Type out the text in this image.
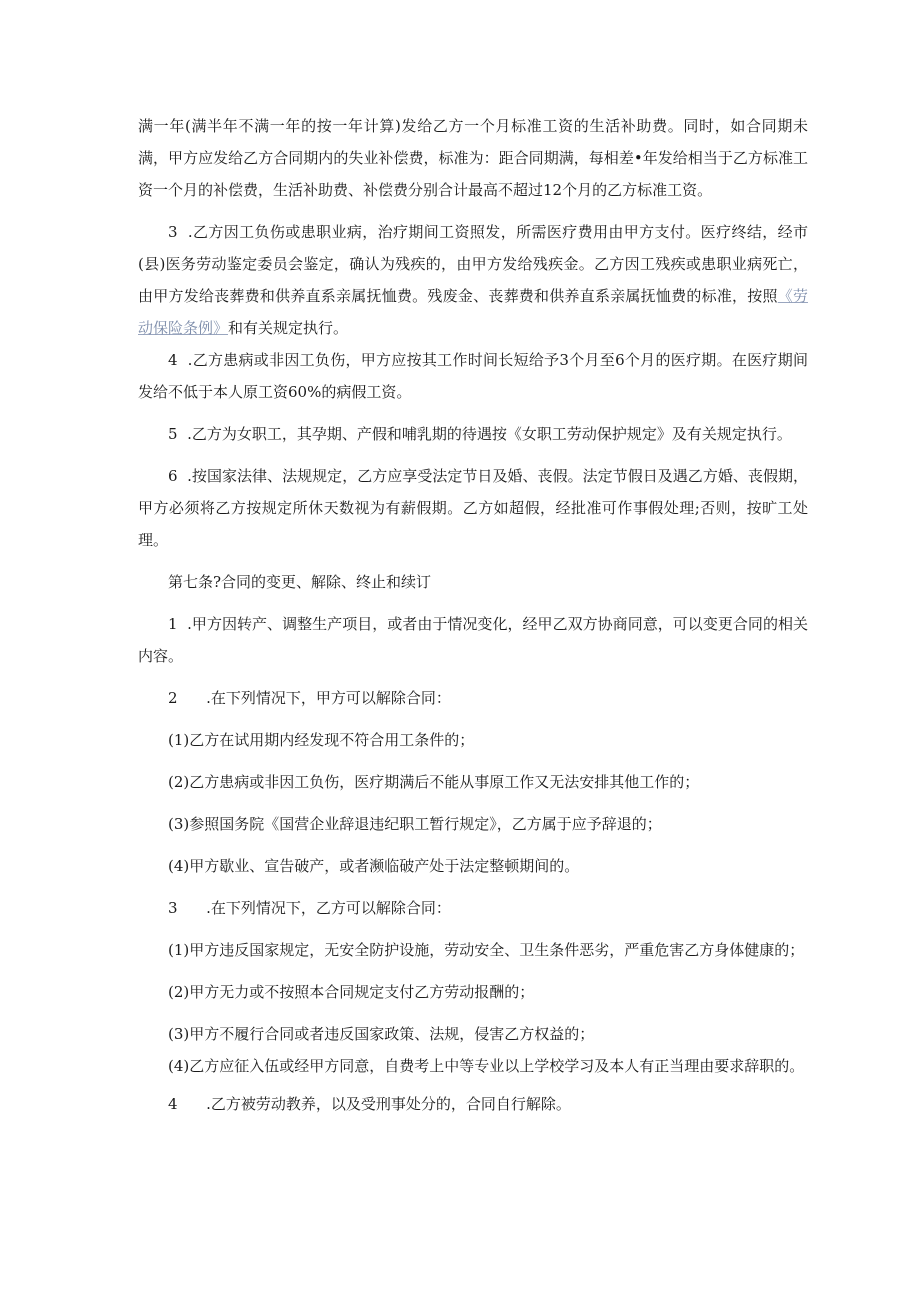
满一年(满半年不满一年的按一年计算)发给乙方一个月标准工资的生活补助费。同时，如合同期未满，甲方应发给乙方合同期内的失业补偿费，标准为：距合同期满，每相差•年发给相当于乙方标准工资一个月的补偿费，生活补助费、补偿费分别合计最高不超过12个月的乙方标准工资。

3  .乙方因工负伤或患职业病，治疗期间工资照发，所需医疗费用由甲方支付。医疗终结，经市(县)医务劳动鉴定委员会鉴定，确认为残疾的，由甲方发给残疾金。乙方因工残疾或患职业病死亡，由甲方发给丧葬费和供养直系亲属抚恤费。残废金、丧葬费和供养直系亲属抚恤费的标准，按照《劳动保险条例》和有关规定执行。

4  .乙方患病或非因工负伤，甲方应按其工作时间长短给予3个月至6个月的医疗期。在医疗期间发给不低于本人原工资60%的病假工资。

5  .乙方为女职工，其孕期、产假和哺乳期的待遇按《女职工劳动保护规定》及有关规定执行。

6  .按国家法律、法规规定，乙方应享受法定节日及婚、丧假。法定节假日及遇乙方婚、丧假期，甲方必须将乙方按规定所休天数视为有薪假期。乙方如超假，经批准可作事假处理;否则，按旷工处理。

第七条?合同的变更、解除、终止和续订

1  .甲方因转产、调整生产项目，或者由于情况变化，经甲乙双方协商同意，可以变更合同的相关内容。

2      .在下列情况下，甲方可以解除合同：

(1)乙方在试用期内经发现不符合用工条件的；

(2)乙方患病或非因工负伤，医疗期满后不能从事原工作又无法安排其他工作的；

(3)参照国务院《国营企业辞退违纪职工暂行规定》，乙方属于应予辞退的；

(4)甲方歇业、宣告破产，或者濒临破产处于法定整顿期间的。

3      .在下列情况下，乙方可以解除合同：

(1)甲方违反国家规定，无安全防护设施，劳动安全、卫生条件恶劣，严重危害乙方身体健康的；

(2)甲方无力或不按照本合同规定支付乙方劳动报酬的；

(3)甲方不履行合同或者违反国家政策、法规，侵害乙方权益的；

(4)乙方应征入伍或经甲方同意，自费考上中等专业以上学校学习及本人有正当理由要求辞职的。

4      .乙方被劳动教养，以及受刑事处分的，合同自行解除。
